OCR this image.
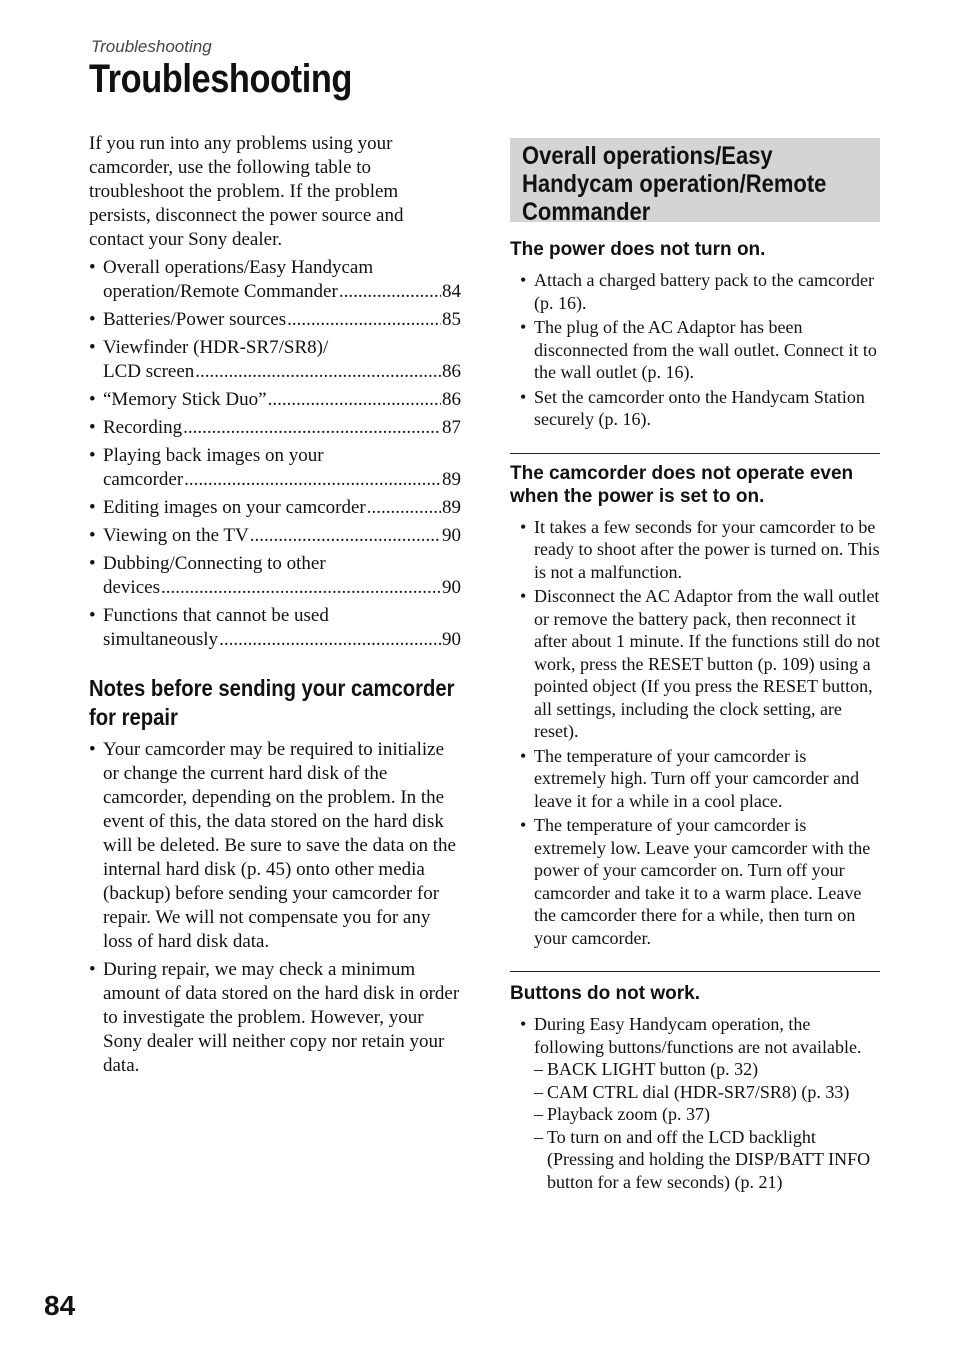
Troubleshooting
Troubleshooting

If you run into any problems using your camcorder, use the following table to troubleshoot the problem. If the problem persists, disconnect the power source and contact your Sony dealer.

• Overall operations/Easy Handycam
operation/Remote Commander .....	84
• Batteries/Power sources .....	85
• Viewfinder (HDR-SR7/SR8)/
LCD screen .....	86
• “Memory Stick Duo” .....	86
• Recording .....	87
• Playing back images on your
camcorder .....	89
• Editing images on your camcorder .....	89
• Viewing on the TV .....	90
• Dubbing/Connecting to other
devices .....	90
• Functions that cannot be used
simultaneously .....	90
Notes before sending your camcorder for repair
• Your camcorder may be required to initialize or change the current hard disk of the camcorder, depending on the problem. In the event of this, the data stored on the hard disk will be deleted. Be sure to save the data on the internal hard disk (p. 45) onto other media (backup) before sending your camcorder for repair. We will not compensate you for any loss of hard disk data.
• During repair, we may check a minimum amount of data stored on the hard disk in order to investigate the problem. However, your Sony dealer will neither copy nor retain your data.
Overall operations/Easy Handycam operation/Remote Commander
The power does not turn on.
• Attach a charged battery pack to the camcorder (p. 16).
• The plug of the AC Adaptor has been disconnected from the wall outlet. Connect it to the wall outlet (p. 16).
• Set the camcorder onto the Handycam Station securely (p. 16).
The camcorder does not operate even when the power is set to on.
• It takes a few seconds for your camcorder to be ready to shoot after the power is turned on. This is not a malfunction.
• Disconnect the AC Adaptor from the wall outlet or remove the battery pack, then reconnect it after about 1 minute. If the functions still do not work, press the RESET button (p. 109) using a pointed object (If you press the RESET button, all settings, including the clock setting, are reset).
• The temperature of your camcorder is extremely high. Turn off your camcorder and leave it for a while in a cool place.
• The temperature of your camcorder is extremely low. Leave your camcorder with the power of your camcorder on. Turn off your camcorder and take it to a warm place. Leave the camcorder there for a while, then turn on your camcorder.
Buttons do not work.
• During Easy Handycam operation, the following buttons/functions are not available.
– BACK LIGHT button (p. 32)
– CAM CTRL dial (HDR-SR7/SR8) (p. 33)
– Playback zoom (p. 37)
– To turn on and off the LCD backlight (Pressing and holding the DISP/BATT INFO button for a few seconds) (p. 21)
84
